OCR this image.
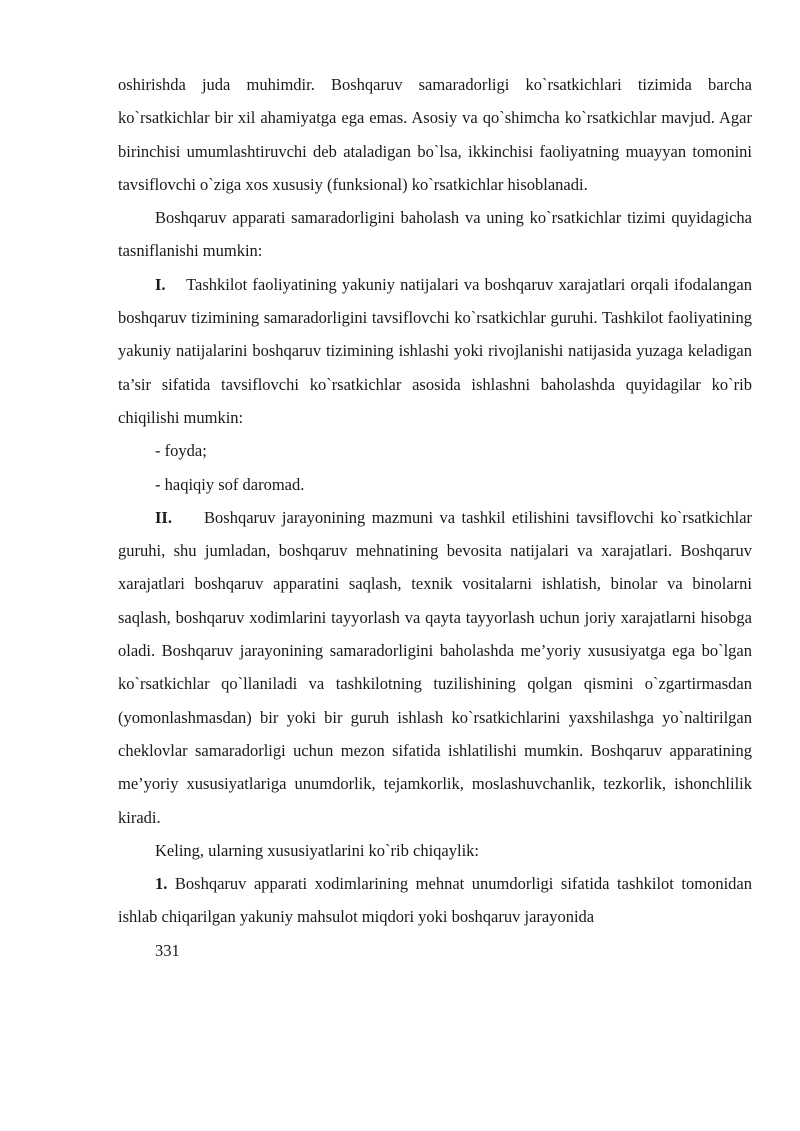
oshirishda juda muhimdir. Boshqaruv samaradorligi ko`rsatkichlari tizimida barcha ko`rsatkichlar bir xil ahamiyatga ega emas. Asosiy va qo`shimcha ko`rsatkichlar mavjud. Agar birinchisi umumlashtiruvchi deb ataladigan bo`lsa, ikkinchisi faoliyatning muayyan tomonini tavsiflovchi o`ziga xos xususiy (funksional) ko`rsatkichlar hisoblanadi.

Boshqaruv apparati samaradorligini baholash va uning ko`rsatkichlar tizimi quyidagicha tasniflanishi mumkin:

I. Tashkilot faoliyatining yakuniy natijalari va boshqaruv xarajatlari orqali ifodalangan boshqaruv tizimining samaradorligini tavsiflovchi ko`rsatkichlar guruhi. Tashkilot faoliyatining yakuniy natijalarini boshqaruv tizimining ishlashi yoki rivojlanishi natijasida yuzaga keladigan ta’sir sifatida tavsiflovchi ko`rsatkichlar asosida ishlashni baholashda quyidagilar ko`rib chiqilishi mumkin:

- foyda;

- haqiqiy sof daromad.

II. Boshqaruv jarayonining mazmuni va tashkil etilishini tavsiflovchi ko`rsatkichlar guruhi, shu jumladan, boshqaruv mehnatining bevosita natijalari va xarajatlari. Boshqaruv xarajatlari boshqaruv apparatini saqlash, texnik vositalarni ishlatish, binolar va binolarni saqlash, boshqaruv xodimlarini tayyorlash va qayta tayyorlash uchun joriy xarajatlarni hisobga oladi. Boshqaruv jarayonining samaradorligini baholashda me’yoriy xususiyatga ega bo`lgan ko`rsatkichlar qo`llaniladi va tashkilotning tuzilishining qolgan qismini o`zgartirmasdan (yomonlashmasdan) bir yoki bir guruh ishlash ko`rsatkichlarini yaxshilashga yo`naltirilgan cheklovlar samaradorligi uchun mezon sifatida ishlatilishi mumkin. Boshqaruv apparatining me’yoriy xususiyatlariga unumdorlik, tejamkorlik, moslashuvchanlik, tezkorlik, ishonchlilik kiradi.

Keling, ularning xususiyatlarini ko`rib chiqaylik:

1. Boshqaruv apparati xodimlarining mehnat unumdorligi sifatida tashkilot tomonidan ishlab chiqarilgan yakuniy mahsulot miqdori yoki boshqaruv jarayonida

331
